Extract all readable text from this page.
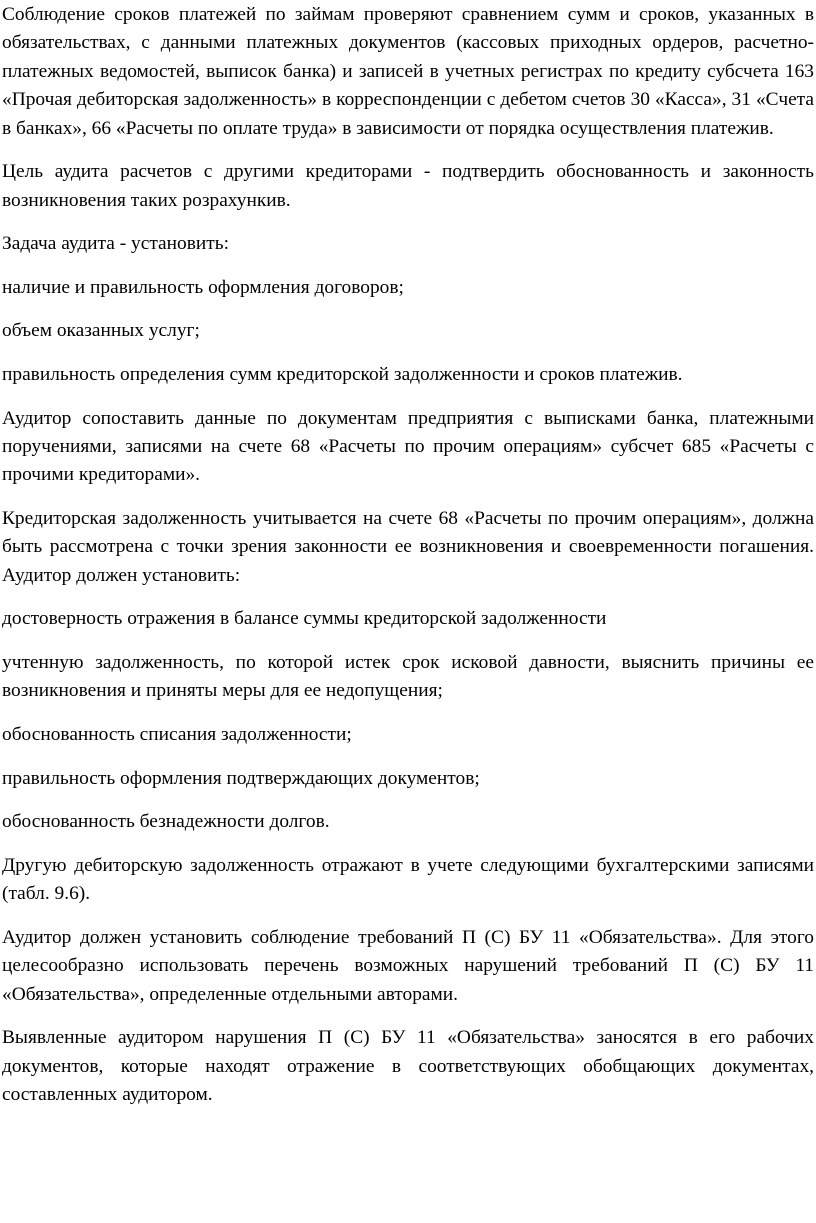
Соблюдение сроков платежей по займам проверяют сравнением сумм и сроков, указанных в обязательствах, с данными платежных документов (кассовых приходных ордеров, расчетно-платежных ведомостей, выписок банка) и записей в учетных регистрах по кредиту субсчета 163 «Прочая дебиторская задолженность» в корреспонденции с дебетом счетов 30 «Касса», 31 «Счета в банках», 66 «Расчеты по оплате труда» в зависимости от порядка осуществления платежив.

Цель аудита расчетов с другими кредиторами - подтвердить обоснованность и законность возникновения таких розрахункив.

Задача аудита - установить:

наличие и правильность оформления договоров;

объем оказанных услуг;

правильность определения сумм кредиторской задолженности и сроков платежив.

Аудитор сопоставить данные по документам предприятия с выписками банка, платежными поручениями, записями на счете 68 «Расчеты по прочим операциям» субсчет 685 «Расчеты с прочими кредиторами».

Кредиторская задолженность учитывается на счете 68 «Расчеты по прочим операциям», должна быть рассмотрена с точки зрения законности ее возникновения и своевременности погашения. Аудитор должен установить:

достоверность отражения в балансе суммы кредиторской задолженности

учтенную задолженность, по которой истек срок исковой давности, выяснить причины ее возникновения и приняты меры для ее недопущения;

обоснованность списания задолженности;

правильность оформления подтверждающих документов;

обоснованность безнадежности долгов.

Другую дебиторскую задолженность отражают в учете следующими бухгалтерскими записями (табл. 9.6).

Аудитор должен установить соблюдение требований П (С) БУ 11 «Обязательства». Для этого целесообразно использовать перечень возможных нарушений требований П (С) БУ 11 «Обязательства», определенные отдельными авторами.

Выявленные аудитором нарушения П (С) БУ 11 «Обязательства» заносятся в его рабочих документов, которые находят отражение в соответствующих обобщающих документах, составленных аудитором.
